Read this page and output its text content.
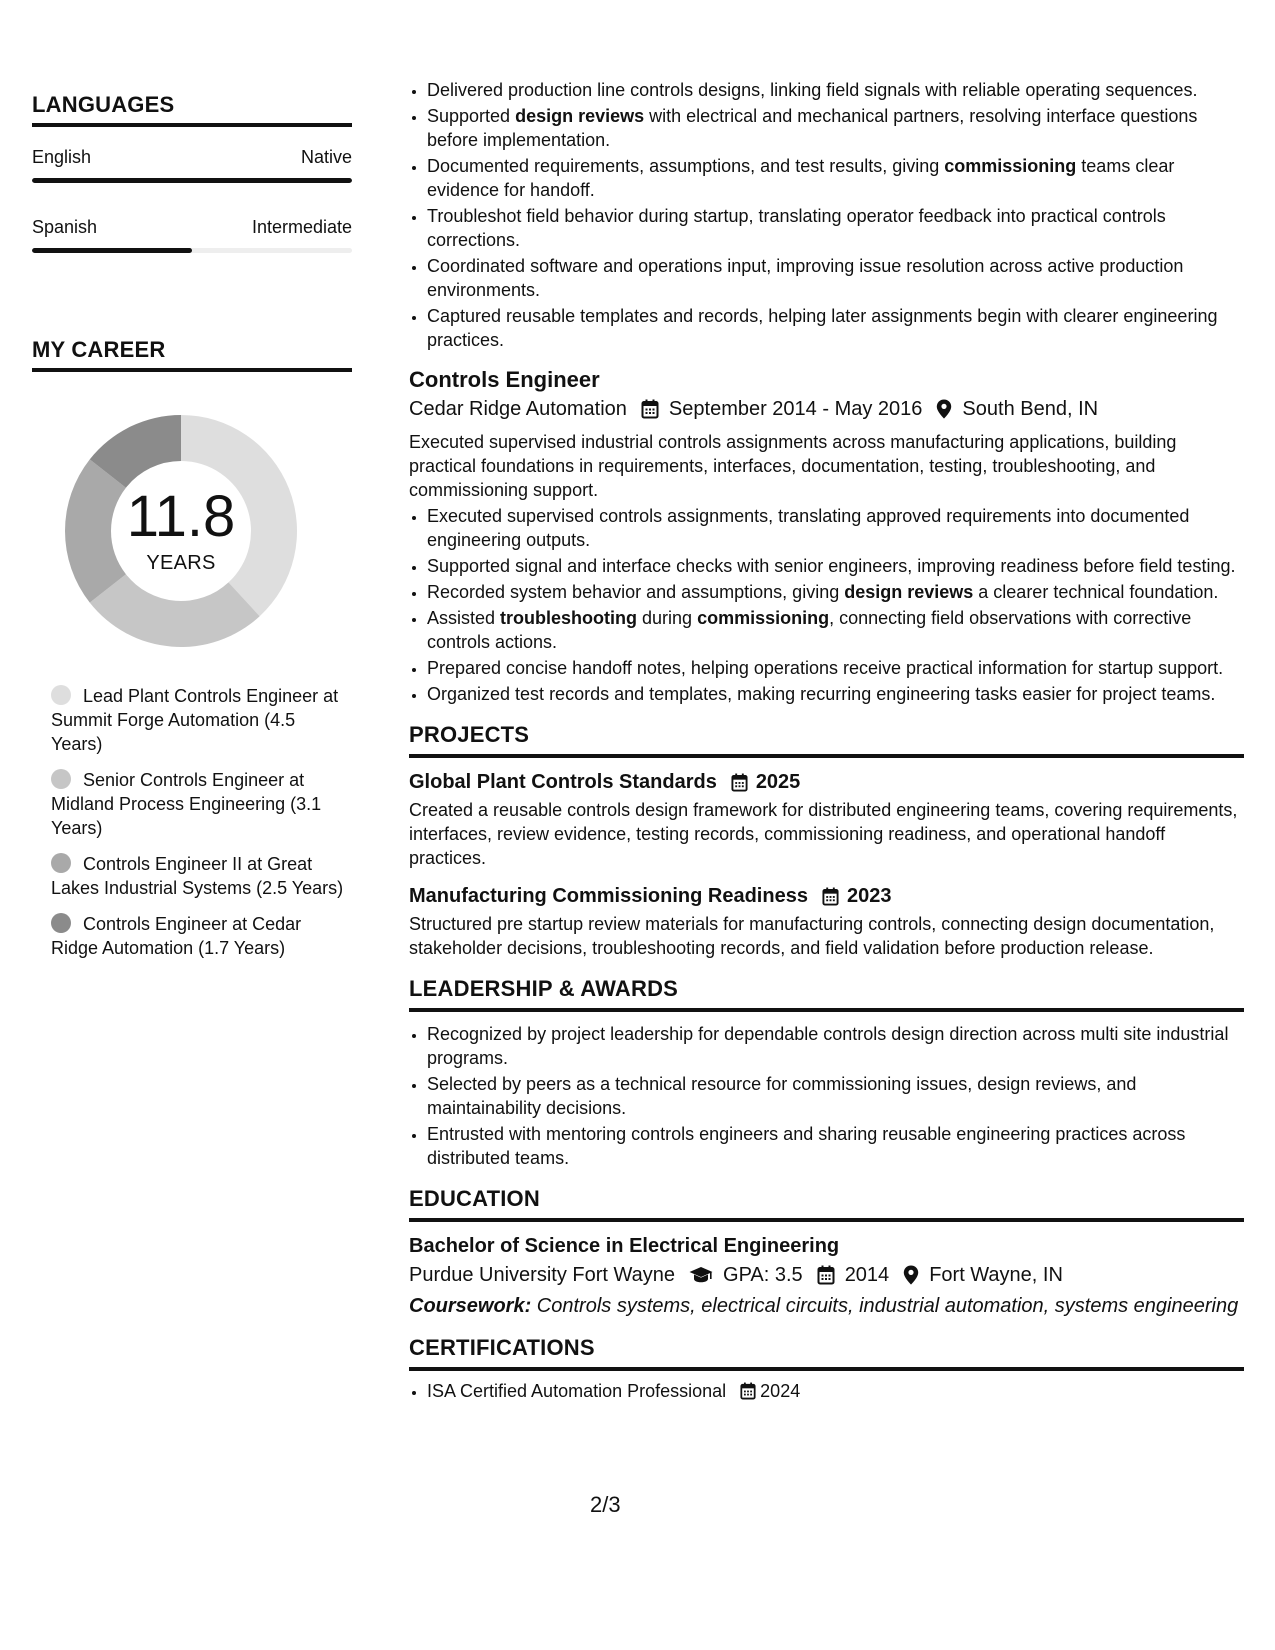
LANGUAGES
English	Native
Spanish	Intermediate
MY CAREER
11.8
YEARS
Lead Plant Controls Engineer at Summit Forge Automation (4.5 Years)
Senior Controls Engineer at Midland Process Engineering (3.1 Years)
Controls Engineer II at Great Lakes Industrial Systems (2.5 Years)
Controls Engineer at Cedar Ridge Automation (1.7 Years)
• Delivered production line controls designs, linking field signals with reliable operating sequences.
• Supported design reviews with electrical and mechanical partners, resolving interface questions before implementation.
• Documented requirements, assumptions, and test results, giving commissioning teams clear evidence for handoff.
• Troubleshot field behavior during startup, translating operator feedback into practical controls corrections.
• Coordinated software and operations input, improving issue resolution across active production environments.
• Captured reusable templates and records, helping later assignments begin with clearer engineering practices.
Controls Engineer
Cedar Ridge Automation September 2014 - May 2016 South Bend, IN
Executed supervised industrial controls assignments across manufacturing applications, building practical foundations in requirements, interfaces, documentation, testing, troubleshooting, and commissioning support.
• Executed supervised controls assignments, translating approved requirements into documented engineering outputs.
• Supported signal and interface checks with senior engineers, improving readiness before field testing.
• Recorded system behavior and assumptions, giving design reviews a clearer technical foundation.
• Assisted troubleshooting during commissioning, connecting field observations with corrective controls actions.
• Prepared concise handoff notes, helping operations receive practical information for startup support.
• Organized test records and templates, making recurring engineering tasks easier for project teams.
PROJECTS
Global Plant Controls Standards 2025
Created a reusable controls design framework for distributed engineering teams, covering requirements, interfaces, review evidence, testing records, commissioning readiness, and operational handoff practices.
Manufacturing Commissioning Readiness 2023
Structured pre startup review materials for manufacturing controls, connecting design documentation, stakeholder decisions, troubleshooting records, and field validation before production release.
LEADERSHIP & AWARDS
• Recognized by project leadership for dependable controls design direction across multi site industrial programs.
• Selected by peers as a technical resource for commissioning issues, design reviews, and maintainability decisions.
• Entrusted with mentoring controls engineers and sharing reusable engineering practices across distributed teams.
EDUCATION
Bachelor of Science in Electrical Engineering
Purdue University Fort Wayne GPA: 3.5 2014 Fort Wayne, IN
Coursework: Controls systems, electrical circuits, industrial automation, systems engineering
CERTIFICATIONS
• ISA Certified Automation Professional 2024
2/3
